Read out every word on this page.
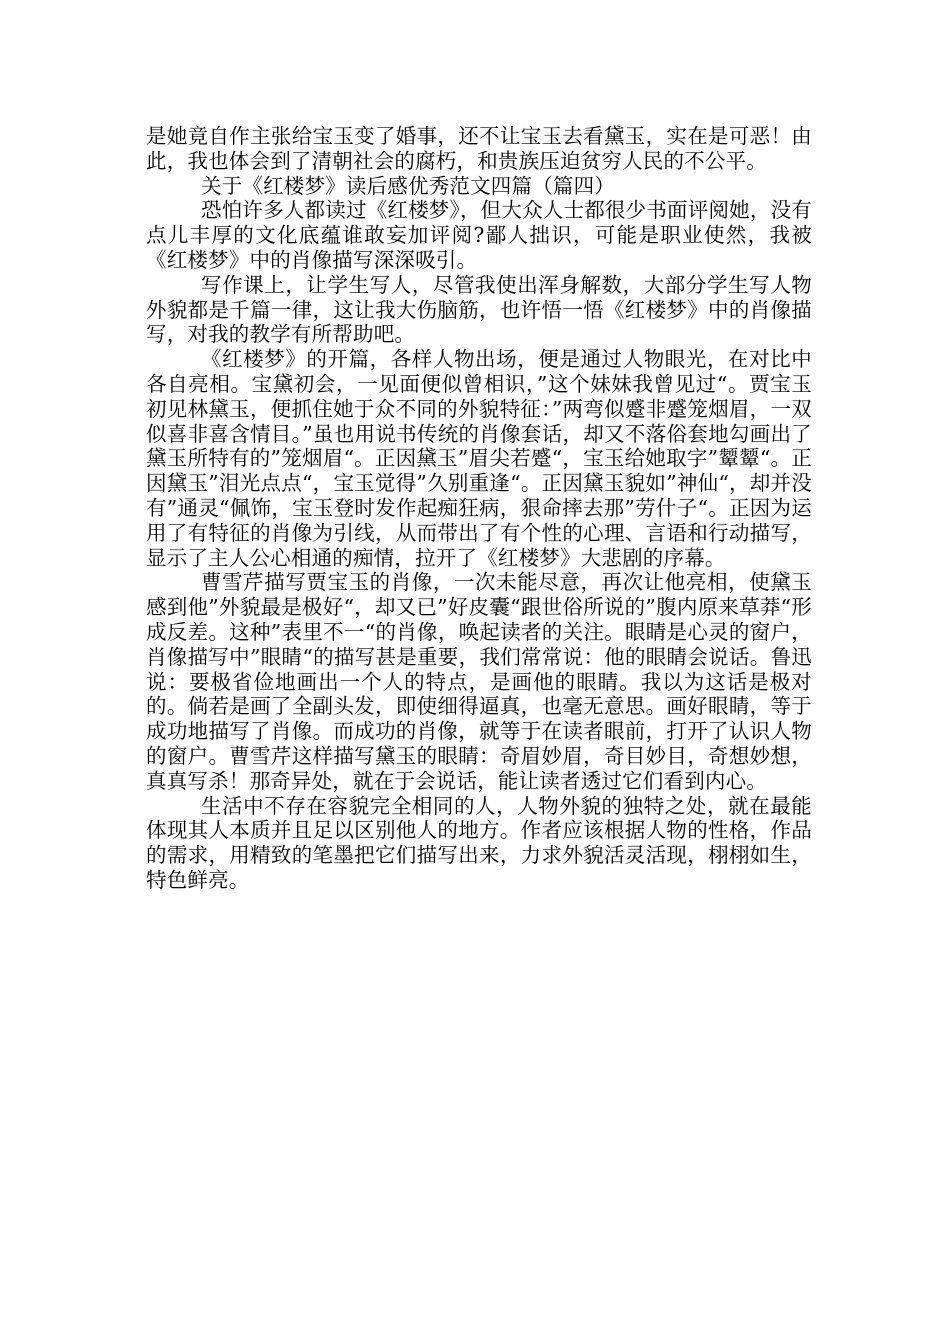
是她竟自作主张给宝玉变了婚事，还不让宝玉去看黛玉，实在是可恶！由此，我也体会到了清朝社会的腐朽，和贵族压迫贫穷人民的不公平。

关于《红楼梦》读后感优秀范文四篇（篇四）

恐怕许多人都读过《红楼梦》，但大众人士都很少书面评阅她，没有点儿丰厚的文化底蕴谁敢妄加评阅?鄙人拙识，可能是职业使然，我被《红楼梦》中的肖像描写深深吸引。

写作课上，让学生写人，尽管我使出浑身解数，大部分学生写人物外貌都是千篇一律，这让我大伤脑筋，也许悟一悟《红楼梦》中的肖像描写，对我的教学有所帮助吧。

《红楼梦》的开篇，各样人物出场，便是通过人物眼光，在对比中各自亮相。宝黛初会，一见面便似曾相识，”这个妹妹我曾见过“。贾宝玉初见林黛玉，便抓住她于众不同的外貌特征：”两弯似蹙非蹙笼烟眉，一双似喜非喜含情目。”虽也用说书传统的肖像套话，却又不落俗套地勾画出了黛玉所特有的”笼烟眉“。正因黛玉”眉尖若蹙“，宝玉给她取字”颦颦“。正因黛玉”泪光点点“，宝玉觉得”久别重逢“。正因黛玉貌如”神仙“，却并没有”通灵“佩饰，宝玉登时发作起痴狂病，狠命摔去那”劳什子“。正因为运用了有特征的肖像为引线，从而带出了有个性的心理、言语和行动描写，显示了主人公心相通的痴情，拉开了《红楼梦》大悲剧的序幕。

曹雪芹描写贾宝玉的肖像，一次未能尽意，再次让他亮相，使黛玉感到他”外貌最是极好“，却又已”好皮囊“跟世俗所说的”腹内原来草莽“形成反差。这种”表里不一“的肖像，唤起读者的关注。眼睛是心灵的窗户，肖像描写中”眼睛“的描写甚是重要，我们常常说：他的眼睛会说话。鲁迅说：要极省俭地画出一个人的特点，是画他的眼睛。我以为这话是极对的。倘若是画了全副头发，即使细得逼真，也毫无意思。画好眼睛，等于成功地描写了肖像。而成功的肖像，就等于在读者眼前，打开了认识人物的窗户。曹雪芹这样描写黛玉的眼睛：奇眉妙眉，奇目妙目，奇想妙想，真真写杀！那奇异处，就在于会说话，能让读者透过它们看到内心。

生活中不存在容貌完全相同的人，人物外貌的独特之处，就在最能体现其人本质并且足以区别他人的地方。作者应该根据人物的性格，作品的需求，用精致的笔墨把它们描写出来，力求外貌活灵活现，栩栩如生，特色鲜亮。
